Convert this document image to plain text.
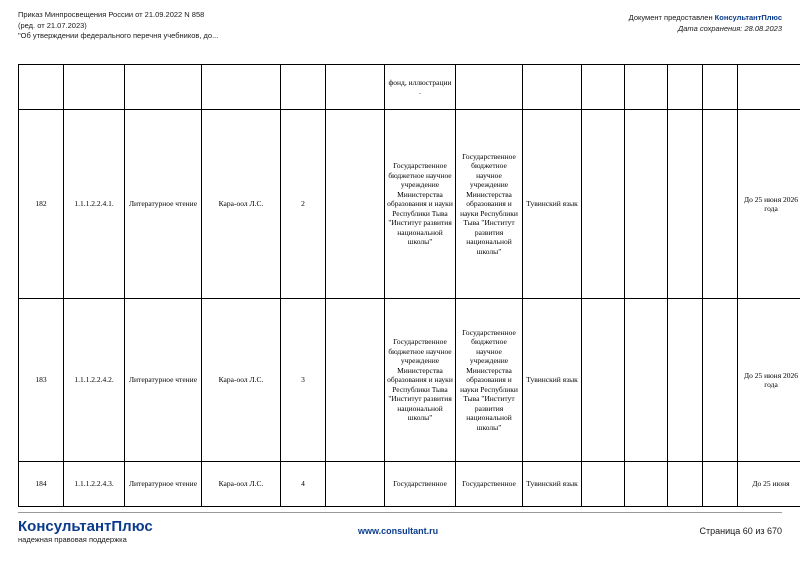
Приказ Минпросвещения России от 21.09.2022 N 858
(ред. от 21.07.2023)
"Об утверждении федерального перечня учебников, до...
Документ предоставлен КонсультантПлюс
Дата сохранения: 28.08.2023
						фонд, иллюстрации .							
182	1.1.1.2.2.4.1.	Литературное чтение	Кара-оол Л.С.	2		Государственное бюджетное научное учреждение Министерства образования и науки Республики Тыва "Институт развития национальной школы"	Государственное бюджетное научное учреждение Министерства образования и науки Республики Тыва "Институт развития национальной школы"	Тувинский язык					До 25 июня 2026 года
183	1.1.1.2.2.4.2.	Литературное чтение	Кара-оол Л.С.	3		Государственное бюджетное научное учреждение Министерства образования и науки Республики Тыва "Институт развития национальной школы"	Государственное бюджетное научное учреждение Министерства образования и науки Республики Тыва "Институт развития национальной школы"	Тувинский язык					До 25 июня 2026 года
184	1.1.1.2.2.4.3.	Литературное чтение	Кара-оол Л.С.	4		Государственное	Государственное	Тувинский язык					До 25 июня
КонсультантПлюс
надежная правовая поддержка
www.consultant.ru	Страница 60 из 670
